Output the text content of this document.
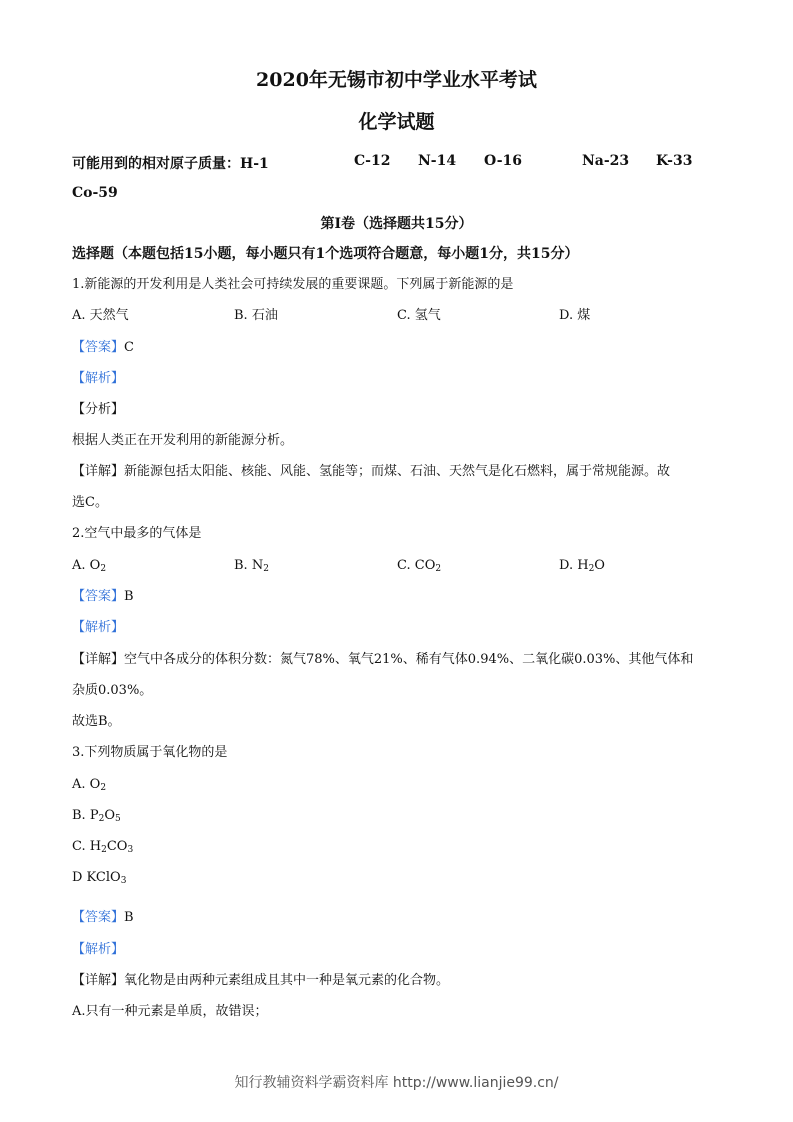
2020年无锡市初中学业水平考试
化学试题
可能用到的相对原子质量：H-1	C-12 N-14 O-16	Na-23 K-33
Co-59
第Ⅰ卷（选择题共15分）
选择题（本题包括15小题，每小题只有1个选项符合题意，每小题1分，共15分）
1.新能源的开发利用是人类社会可持续发展的重要课题。下列属于新能源的是
A. 天然气	B. 石油	C. 氢气	D. 煤
【答案】C
【解析】
【分析】
根据人类正在开发利用的新能源分析。
【详解】新能源包括太阳能、核能、风能、氢能等；而煤、石油、天然气是化石燃料，属于常规能源。故
选C。
2.空气中最多的气体是
A. $O_2$	B. $N_2$	C. $CO_2$	D. $H_2O$
【答案】B
【解析】
【详解】空气中各成分的体积分数：氮气78%、氧气21%、稀有气体0.94%、二氧化碳0.03%、其他气体和
杂质0.03%。
故选B。
3.下列物质属于氧化物的是
A. $O_2$
B. $P_2O_5$
C. $H_2CO_3$
D KClO$_3$
【答案】B
【解析】
【详解】氧化物是由两种元素组成且其中一种是氧元素的化合物。
A.只有一种元素是单质，故错误；
知行教辅资料学霸资料库 http://www.lianjie99.cn/
